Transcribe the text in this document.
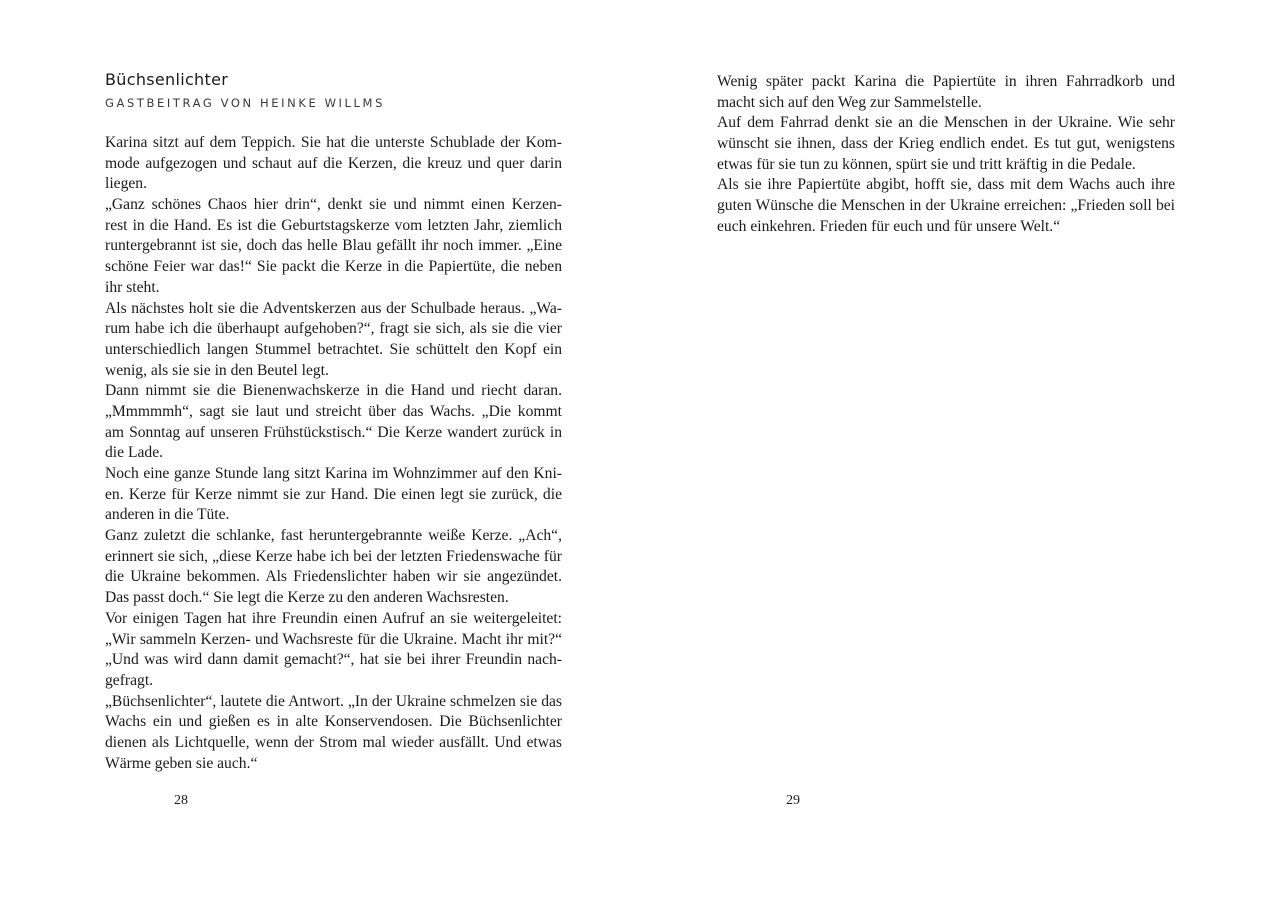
Büchsenlichter
GASTBEITRAG VON HEINKE WILLMS
Karina sitzt auf dem Teppich. Sie hat die unterste Schublade der Kom-
mode aufgezogen und schaut auf die Kerzen, die kreuz und quer darin
liegen.
„Ganz schönes Chaos hier drin“, denkt sie und nimmt einen Kerzen-
rest in die Hand. Es ist die Geburtstagskerze vom letzten Jahr, ziemlich
runtergebrannt ist sie, doch das helle Blau gefällt ihr noch immer. „Eine
schöne Feier war das!“ Sie packt die Kerze in die Papiertüte, die neben
ihr steht.
Als nächstes holt sie die Adventskerzen aus der Schulbade heraus. „Wa-
rum habe ich die überhaupt aufgehoben?“, fragt sie sich, als sie die vier
unterschiedlich langen Stummel betrachtet. Sie schüttelt den Kopf ein
wenig, als sie sie in den Beutel legt.
Dann nimmt sie die Bienenwachskerze in die Hand und riecht daran.
„Mmmmmh“, sagt sie laut und streicht über das Wachs. „Die kommt
am Sonntag auf unseren Frühstückstisch.“ Die Kerze wandert zurück in
die Lade.
Noch eine ganze Stunde lang sitzt Karina im Wohnzimmer auf den Kni-
en. Kerze für Kerze nimmt sie zur Hand. Die einen legt sie zurück, die
anderen in die Tüte.
Ganz zuletzt die schlanke, fast heruntergebrannte weiße Kerze. „Ach“,
erinnert sie sich, „diese Kerze habe ich bei der letzten Friedenswache für
die Ukraine bekommen. Als Friedenslichter haben wir sie angezündet.
Das passt doch.“ Sie legt die Kerze zu den anderen Wachsresten.
Vor einigen Tagen hat ihre Freundin einen Aufruf an sie weitergeleitet:
„Wir sammeln Kerzen- und Wachsreste für die Ukraine. Macht ihr mit?“
„Und was wird dann damit gemacht?“, hat sie bei ihrer Freundin nach-
gefragt.
„Büchsenlichter“, lautete die Antwort. „In der Ukraine schmelzen sie das
Wachs ein und gießen es in alte Konservendosen. Die Büchsenlichter
dienen als Lichtquelle, wenn der Strom mal wieder ausfällt. Und etwas
Wärme geben sie auch.“
28
Wenig später packt Karina die Papiertüte in ihren Fahrradkorb und
macht sich auf den Weg zur Sammelstelle.
Auf dem Fahrrad denkt sie an die Menschen in der Ukraine. Wie sehr
wünscht sie ihnen, dass der Krieg endlich endet. Es tut gut, wenigstens
etwas für sie tun zu können, spürt sie und tritt kräftig in die Pedale.
Als sie ihre Papiertüte abgibt, hofft sie, dass mit dem Wachs auch ihre
guten Wünsche die Menschen in der Ukraine erreichen: „Frieden soll bei
euch einkehren. Frieden für euch und für unsere Welt.“
29
